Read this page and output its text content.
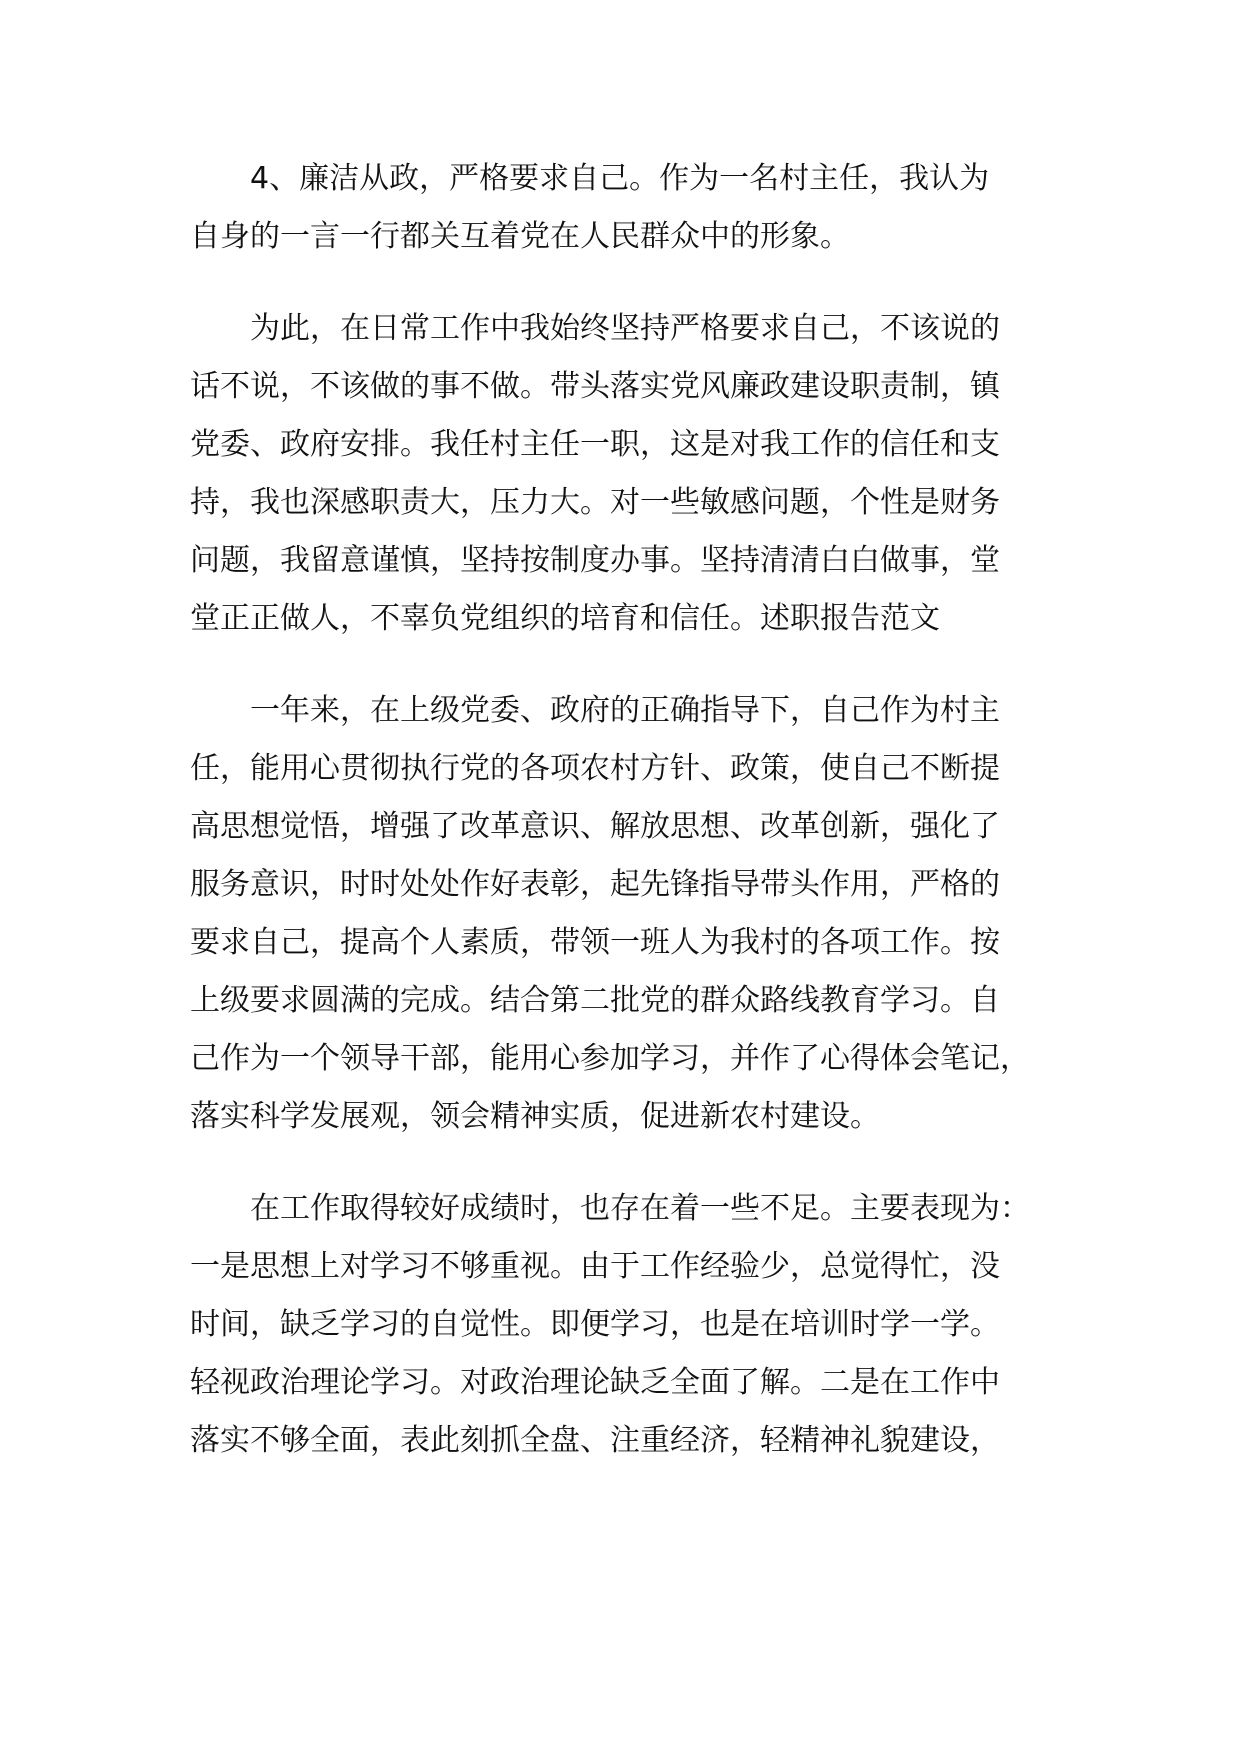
　　4、廉洁从政，严格要求自己。作为一名村主任，我认为
自身的一言一行都关互着党在人民群众中的形象。

　　为此，在日常工作中我始终坚持严格要求自己，不该说的
话不说，不该做的事不做。带头落实党风廉政建设职责制，镇
党委、政府安排。我任村主任一职，这是对我工作的信任和支
持，我也深感职责大，压力大。对一些敏感问题，个性是财务
问题，我留意谨慎，坚持按制度办事。坚持清清白白做事，堂
堂正正做人，不辜负党组织的培育和信任。述职报告范文

　　一年来，在上级党委、政府的正确指导下，自己作为村主
任，能用心贯彻执行党的各项农村方针、政策，使自己不断提
高思想觉悟，增强了改革意识、解放思想、改革创新，强化了
服务意识，时时处处作好表彰，起先锋指导带头作用，严格的
要求自己，提高个人素质，带领一班人为我村的各项工作。按
上级要求圆满的完成。结合第二批党的群众路线教育学习。自
己作为一个领导干部，能用心参加学习，并作了心得体会笔记，
落实科学发展观，领会精神实质，促进新农村建设。

　　在工作取得较好成绩时，也存在着一些不足。主要表现为：
一是思想上对学习不够重视。由于工作经验少，总觉得忙，没
时间，缺乏学习的自觉性。即便学习，也是在培训时学一学。
轻视政治理论学习。对政治理论缺乏全面了解。二是在工作中
落实不够全面，表此刻抓全盘、注重经济，轻精神礼貌建设，
